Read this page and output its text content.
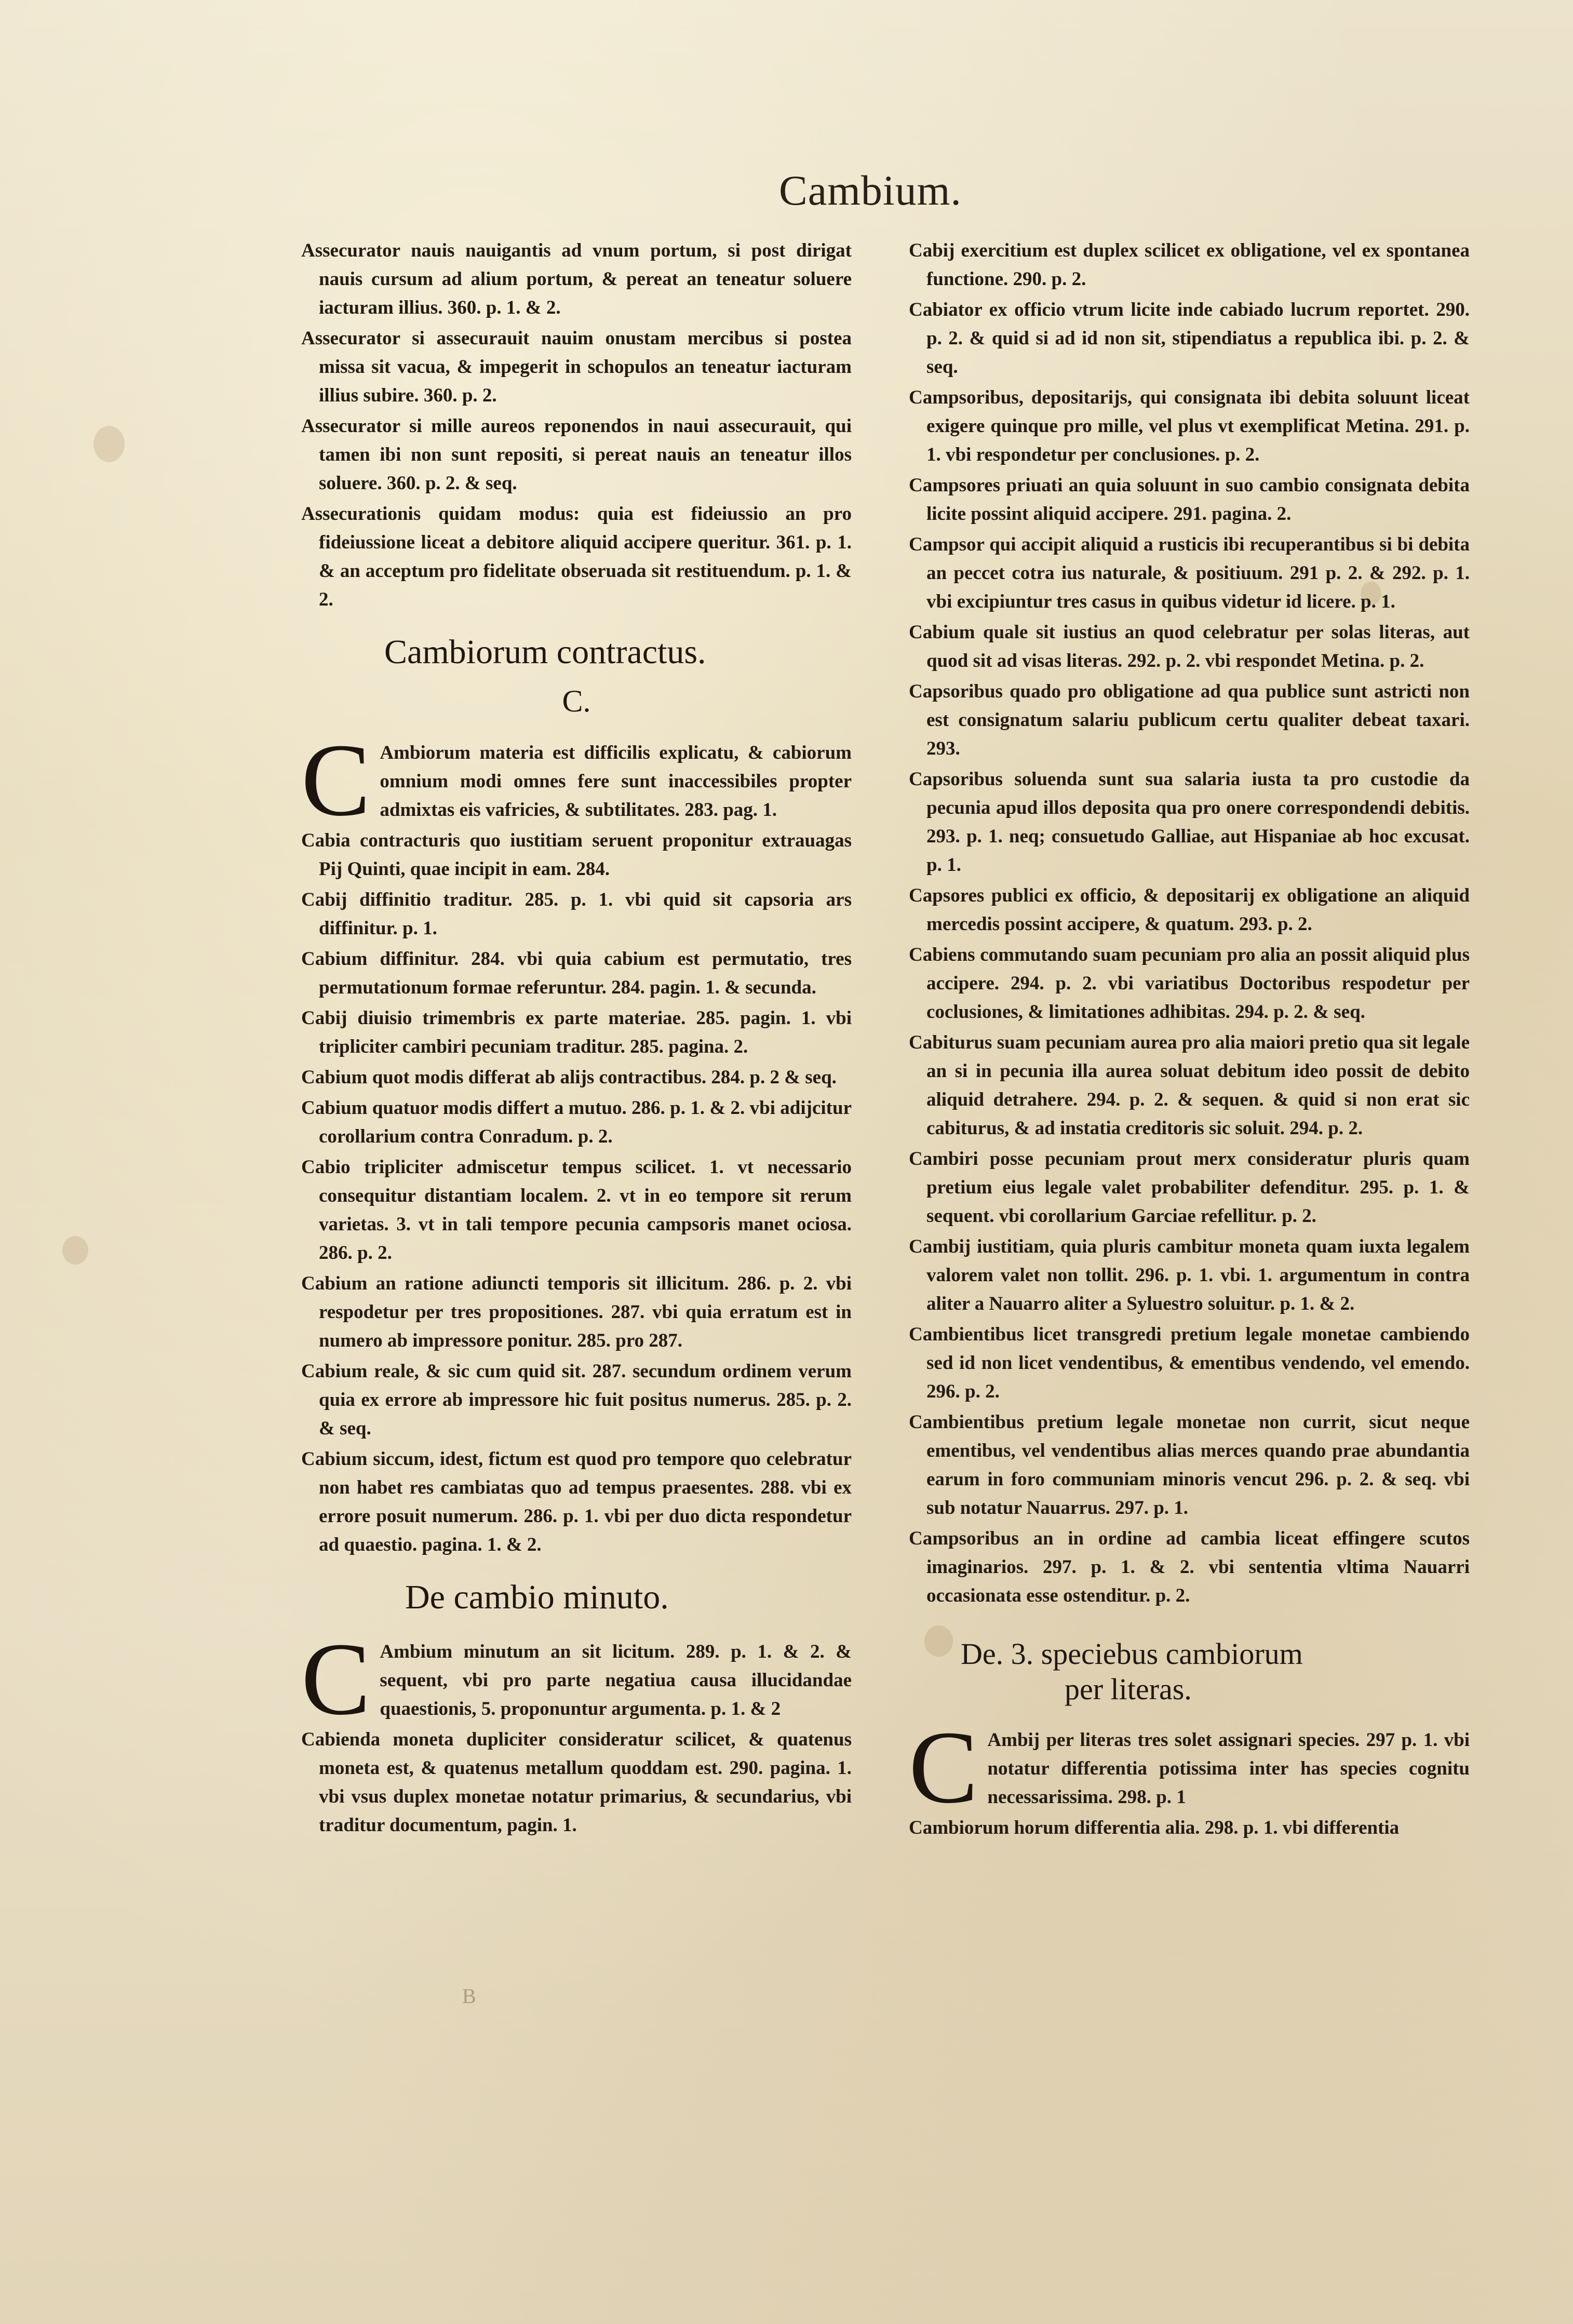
Cambium.

Assecurator nauis nauigantis ad vnum portum, si post dirigat nauis cursum ad alium portum, & pereat an teneatur soluere iacturam illius. 360. p. 1. & 2.

Assecurator si assecurauit nauim onustam mercibus si postea missa sit vacua, & impegerit in schopulos an teneatur iacturam illius subire. 360. p. 2.

Assecurator si mille aureos reponendos in naui assecurauit, qui tamen ibi non sunt repositi, si pereat nauis an teneatur illos soluere. 360. p. 2. & seq.

Assecurationis quidam modus: quia est fideiussio an pro fideiussione liceat a debitore aliquid accipere queritur. 361. p. 1. & an acceptum pro fidelitate obseruada sit restituendum. p. 1. & 2.

Cambiorum contractus.
C.

C Ambiorum materia est difficilis explicatu, & cabiorum omnium modi omnes fere sunt inaccessibiles propter admixtas eis vafricies, & subtilitates. 283. pag. 1.

Cabia contracturis quo iustitiam seruent proponitur extrauagas Pij Quinti, quae incipit in eam. 284.

Cabij diffinitio traditur. 285. p. 1. vbi quid sit capsoria ars diffinitur. p. 1.

Cabium diffinitur. 284. vbi quia cabium est permutatio, tres permutationum formae referuntur. 284. pagin. 1. & secunda.

Cabij diuisio trimembris ex parte materiae. 285. pagin. 1. vbi tripliciter cambiri pecuniam traditur. 285. pagina. 2.

Cabium quot modis differat ab alijs contractibus. 284. p. 2 & seq.

Cabium quatuor modis differt a mutuo. 286. p. 1. & 2. vbi adijcitur corollarium contra Conradum. p. 2.

Cabio tripliciter admiscetur tempus scilicet. 1. vt necessario consequitur distantiam localem. 2. vt in eo tempore sit rerum varietas. 3. vt in tali tempore pecunia campsoris manet ociosa. 286. p. 2.

Cabium an ratione adiuncti temporis sit illicitum. 286. p. 2. vbi respodetur per tres propositiones. 287. vbi quia erratum est in numero ab impressore ponitur. 285. pro 287.

Cabium reale, & sic cum quid sit. 287. secundum ordinem verum quia ex errore ab impressore hic fuit positus numerus. 285. p. 2. & seq.

Cabium siccum, idest, fictum est quod pro tempore quo celebratur non habet res cambiatas quo ad tempus praesentes. 288. vbi ex errore posuit numerum. 286. p. 1. vbi per duo dicta respondetur ad quaestio. pagina. 1. & 2.

De cambio minuto.

C Ambium minutum an sit licitum. 289. p. 1. & 2. & sequent, vbi pro parte negatiua causa illucidandae quaestionis, 5. proponuntur argumenta. p. 1. & 2

Cabienda moneta dupliciter consideratur scilicet, & quatenus moneta est, & quatenus metallum quoddam est. 290. pagina. 1. vbi vsus duplex monetae notatur primarius, & secundarius, vbi traditur documentum, pagin. 1.

Cabij exercitium est duplex scilicet ex obligatione, vel ex spontanea functione. 290. p. 2.

Cabiator ex officio vtrum licite inde cabiado lucrum reportet. 290. p. 2. & quid si ad id non sit, stipendiatus a republica ibi. p. 2. & seq.

Campsoribus, depositarijs, qui consignata ibi debita soluunt liceat exigere quinque pro mille, vel plus vt exemplificat Metina. 291. p. 1. vbi respondetur per conclusiones. p. 2.

Campsores priuati an quia soluunt in suo cambio consignata debita licite possint aliquid accipere. 291. pagina. 2.

Campsor qui accipit aliquid a rusticis ibi recuperantibus si bi debita an peccet cotra ius naturale, & positiuum. 291 p. 2. & 292. p. 1. vbi excipiuntur tres casus in quibus videtur id licere. p. 1.

Cabium quale sit iustius an quod celebratur per solas literas, aut quod sit ad visas literas. 292. p. 2. vbi respondet Metina. p. 2.

Capsoribus quado pro obligatione ad qua publice sunt astricti non est consignatum salariu publicum certu qualiter debeat taxari. 293.

Capsoribus soluenda sunt sua salaria iusta ta pro custodie da pecunia apud illos deposita qua pro onere correspondendi debitis. 293. p. 1. neq; consuetudo Galliae, aut Hispaniae ab hoc excusat. p. 1.

Capsores publici ex officio, & depositarij ex obligatione an aliquid mercedis possint accipere, & quatum. 293. p. 2.

Cabiens commutando suam pecuniam pro alia an possit aliquid plus accipere. 294. p. 2. vbi variatibus Doctoribus respodetur per coclusiones, & limitationes adhibitas. 294. p. 2. & seq.

Cabiturus suam pecuniam aurea pro alia maiori pretio qua sit legale an si in pecunia illa aurea soluat debitum ideo possit de debito aliquid detrahere. 294. p. 2. & sequen. & quid si non erat sic cabiturus, & ad instatia creditoris sic soluit. 294. p. 2.

Cambiri posse pecuniam prout merx consideratur pluris quam pretium eius legale valet probabiliter defenditur. 295. p. 1. & sequent. vbi corollarium Garciae refellitur. p. 2.

Cambij iustitiam, quia pluris cambitur moneta quam iuxta legalem valorem valet non tollit. 296. p. 1. vbi. 1. argumentum in contra aliter a Nauarro aliter a Syluestro soluitur. p. 1. & 2.

Cambientibus licet transgredi pretium legale monetae cambiendo sed id non licet vendentibus, & ementibus vendendo, vel emendo. 296. p. 2.

Cambientibus pretium legale monetae non currit, sicut neque ementibus, vel vendentibus alias merces quando prae abundantia earum in foro communiam minoris vencut 296. p. 2. & seq. vbi sub notatur Nauarrus. 297. p. 1.

Campsoribus an in ordine ad cambia liceat effingere scutos imaginarios. 297. p. 1. & 2. vbi sententia vltima Nauarri occasionata esse ostenditur. p. 2.

De. 3. speciebus cambiorum
per literas.

C Ambij per literas tres solet assignari species. 297 p. 1. vbi notatur differentia potissima inter has species cognitu necessarissima. 298. p. 1

Cambiorum horum differentia alia. 298. p. 1. vbi differentia

B
